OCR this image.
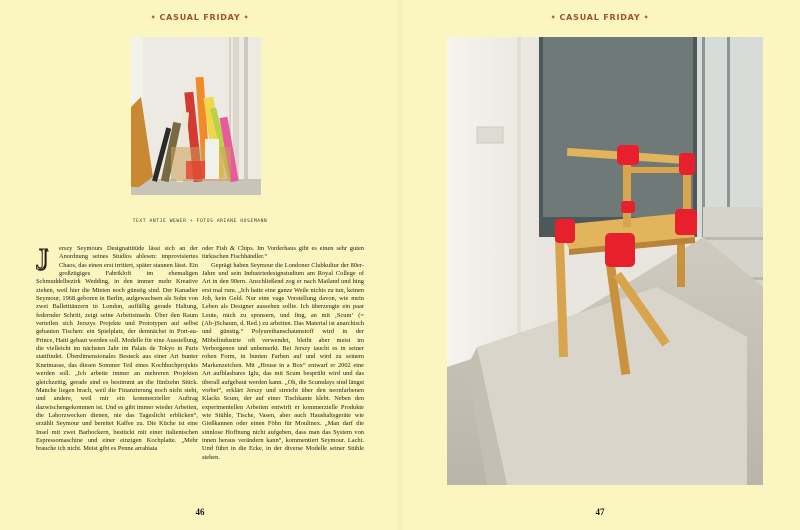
• CASUAL FRIDAY •
TEXT ANTJE WEWER + FOTOS ARIANE HOSEMANN
J	erszy Seymours Designattitüde lässt sich an der Anordnung seines Studios ablesen: improvisiertes Chaos, das einen erst irritiert, später staunen lässt. Ein großzügiges Fabrikloft im ehemaligen Schmuddelbezirk Wedding, in den immer mehr Kreative ziehen, weil hier die Mieten noch günstig sind. Der Kanadier Seymour, 1968 geboren in Berlin, aufgewachsen als Sohn von zwei Balletttänzern in London, auffällig gerade Haltung, federnder Schritt, zeigt seine Arbeitsinseln. Über den Raum verteilen sich Jerszys Projekte und Prototypen auf selbst gebauten Tischen: ein Spielplatz, der demnächst in Port-au-Prince, Haiti gebaut werden soll. Modelle für eine Ausstellung, die vielleicht im nächsten Jahr im Palais de Tokyo in Paris stattfindet. Überdimensionales Besteck aus einer Art bunter Knetmasse, das diesen Sommer Teil eines Kochbuchprojekts werden soll. „Ich arbeite immer an mehreren Projekten gleichzeitig, gerade sind es bestimmt an die fünfzehn Stück. Manche liegen brach, weil die Finanzierung noch nicht steht, und andere, weil mir ein kommerzieller Auftrag dazwischengekommen ist. Und es gibt immer wieder Arbeiten, die Laborzwecken dienen, nie das Tageslicht erblicken“, erzählt Seymour und bereitet Kaffee zu. Die Küche ist eine Insel mit zwei Barhockern, bestückt mit einer italienischen Espressomaschine und einer einzigen Kochplatte. „Mehr brauche ich nicht. Meist gibt es Penne arrabiata

oder Fish & Chips. Im Vorderhaus gibt es einen sehr guten türkischen Fischhändler.“

Geprägt haben Seymour die Londoner Clubkultur der 80er-Jahre und sein Industriedesignstudium am Royal College of Art in den 90ern. Anschließend zog er nach Mailand und hing erst mal rum. „Ich hatte eine ganze Weile nichts zu tun, keinen Job, kein Geld. Nur eine vage Vorstellung davon, wie mein Leben als Designer aussehen sollte. Ich überzeugte ein paar Leute, mich zu sponsern, und fing, an mit ‚Scum‘ (= (Ab-)Schaum, d. Red.) zu arbeiten. Das Material ist anarchisch und günstig.“ Polyurethanschaumstoff wird in der Möbelindustrie oft verwendet, bleibt aber meist im Verborgenen und unbemerkt. Bei Jerszy taucht es in seiner rohen Form, in bunten Farben auf und wird zu seinem Markenzeichen. Mit „House in a Box“ entwarf er 2002 eine Art aufblasbares Iglu, das mit Scum besprüht wird und das überall aufgebaut werden kann. „Oh, die Scumdays sind längst vorbei“, erklärt Jerszy und streicht über den neonfarbenen Klacks Scum, der auf einer Tischkante klebt. Neben den experimentellen Arbeiten entwirft er kommerzielle Produkte wie Stühle, Tische, Vasen, aber auch Haushaltsgeräte wie Gießkannen oder einen Föhn für Moulinex. „Man darf die sinnlose Hoffnung nicht aufgeben, dass man das System von innen heraus verändern kann“, kommentiert Seymour. Lacht. Und führt in die Ecke, in der diverse Modelle seiner Stühle stehen.

46
• CASUAL FRIDAY •
47
